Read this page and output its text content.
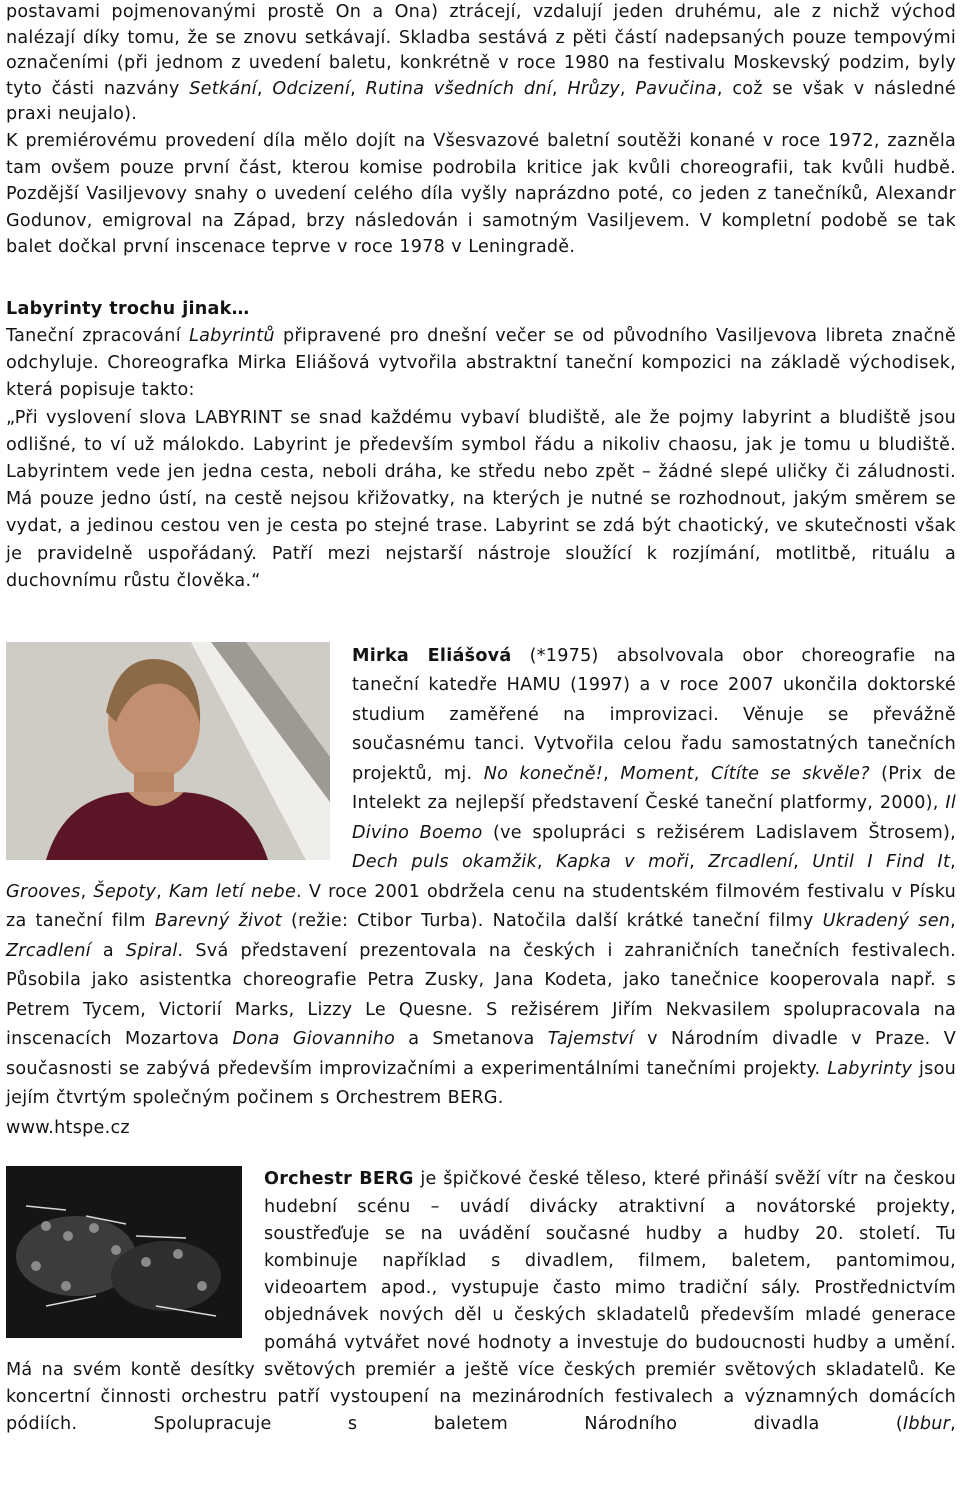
postavami pojmenovanými prostě On a Ona) ztrácejí, vzdalují jeden druhému, ale z nichž východ nalézají díky tomu, že se znovu setkávají. Skladba sestává z pěti částí nadepsaných pouze tempovými označeními (při jednom z uvedení baletu, konkrétně v roce 1980 na festivalu Moskevský podzim, byly tyto části nazvány Setkání, Odcizení, Rutina všedních dní, Hrůzy, Pavučina, což se však v následné praxi neujalo).

K premiérovému provedení díla mělo dojít na Všesvazové baletní soutěži konané v roce 1972, zazněla tam ovšem pouze první část, kterou komise podrobila kritice jak kvůli choreografii, tak kvůli hudbě. Pozdější Vasiljevovy snahy o uvedení celého díla vyšly naprázdno poté, co jeden z tanečníků, Alexandr Godunov, emigroval na Západ, brzy následován i samotným Vasiljevem. V kompletní podobě se tak balet dočkal první inscenace teprve v roce 1978 v Leningradě.

Labyrinty trochu jinak…

Taneční zpracování Labyrintů připravené pro dnešní večer se od původního Vasiljevova libreta značně odchyluje. Choreografka Mirka Eliášová vytvořila abstraktní taneční kompozici na základě východisek, která popisuje takto:

„Při vyslovení slova LABYRINT se snad každému vybaví bludiště, ale že pojmy labyrint a bludiště jsou odlišné, to ví už málokdo. Labyrint je především symbol řádu a nikoliv chaosu, jak je tomu u bludiště. Labyrintem vede jen jedna cesta, neboli dráha, ke středu nebo zpět – žádné slepé uličky či záludnosti. Má pouze jedno ústí, na cestě nejsou křižovatky, na kterých je nutné se rozhodnout, jakým směrem se vydat, a jedinou cestou ven je cesta po stejné trase. Labyrint se zdá být chaotický, ve skutečnosti však je pravidelně uspořádaný. Patří mezi nejstarší nástroje sloužící k rozjímání, motlitbě, rituálu a duchovnímu růstu člověka.“

Mirka Eliášová (*1975) absolvovala obor choreografie na taneční katedře HAMU (1997) a v roce 2007 ukončila doktorské studium zaměřené na improvizaci. Věnuje se převážně současnému tanci. Vytvořila celou řadu samostatných tanečních projektů, mj. No konečně!, Moment, Cítíte se skvěle? (Prix de Intelekt za nejlepší představení České taneční platformy, 2000), Il Divino Boemo (ve spolupráci s režisérem Ladislavem Štrosem), Dech puls okamžik, Kapka v moři, Zrcadlení, Until I Find It, Grooves, Šepoty, Kam letí nebe. V roce 2001 obdržela cenu na studentském filmovém festivalu v Písku za taneční film Barevný život (režie: Ctibor Turba). Natočila další krátké taneční filmy Ukradený sen, Zrcadlení a Spiral. Svá představení prezentovala na českých i zahraničních tanečních festivalech. Působila jako asistentka choreografie Petra Zusky, Jana Kodeta, jako tanečnice kooperovala např. s Petrem Tycem, Victorií Marks, Lizzy Le Quesne. S režisérem Jiřím Nekvasilem spolupracovala na inscenacích Mozartova Dona Giovanniho a Smetanova Tajemství v Národním divadle v Praze. V současnosti se zabývá především improvizačními a experimentálními tanečními projekty. Labyrinty jsou jejím čtvrtým společným počinem s Orchestrem BERG.

www.htspe.cz

Orchestr BERG je špičkové české těleso, které přináší svěží vítr na českou hudební scénu – uvádí divácky atraktivní a novátorské projekty, soustřeďuje se na uvádění současné hudby a hudby 20. století. Tu kombinuje například s divadlem, filmem, baletem, pantomimou, videoartem apod., vystupuje často mimo tradiční sály. Prostřednictvím objednávek nových děl u českých skladatelů především mladé generace pomáhá vytvářet nové hodnoty a investuje do budoucnosti hudby a umění. Má na svém kontě desítky světových premiér a ještě více českých premiér světových skladatelů. Ke koncertní činnosti orchestru patří vystoupení na mezinárodních festivalech a významných domácích pódiích. Spolupracuje s baletem Národního divadla (Ibbur,
